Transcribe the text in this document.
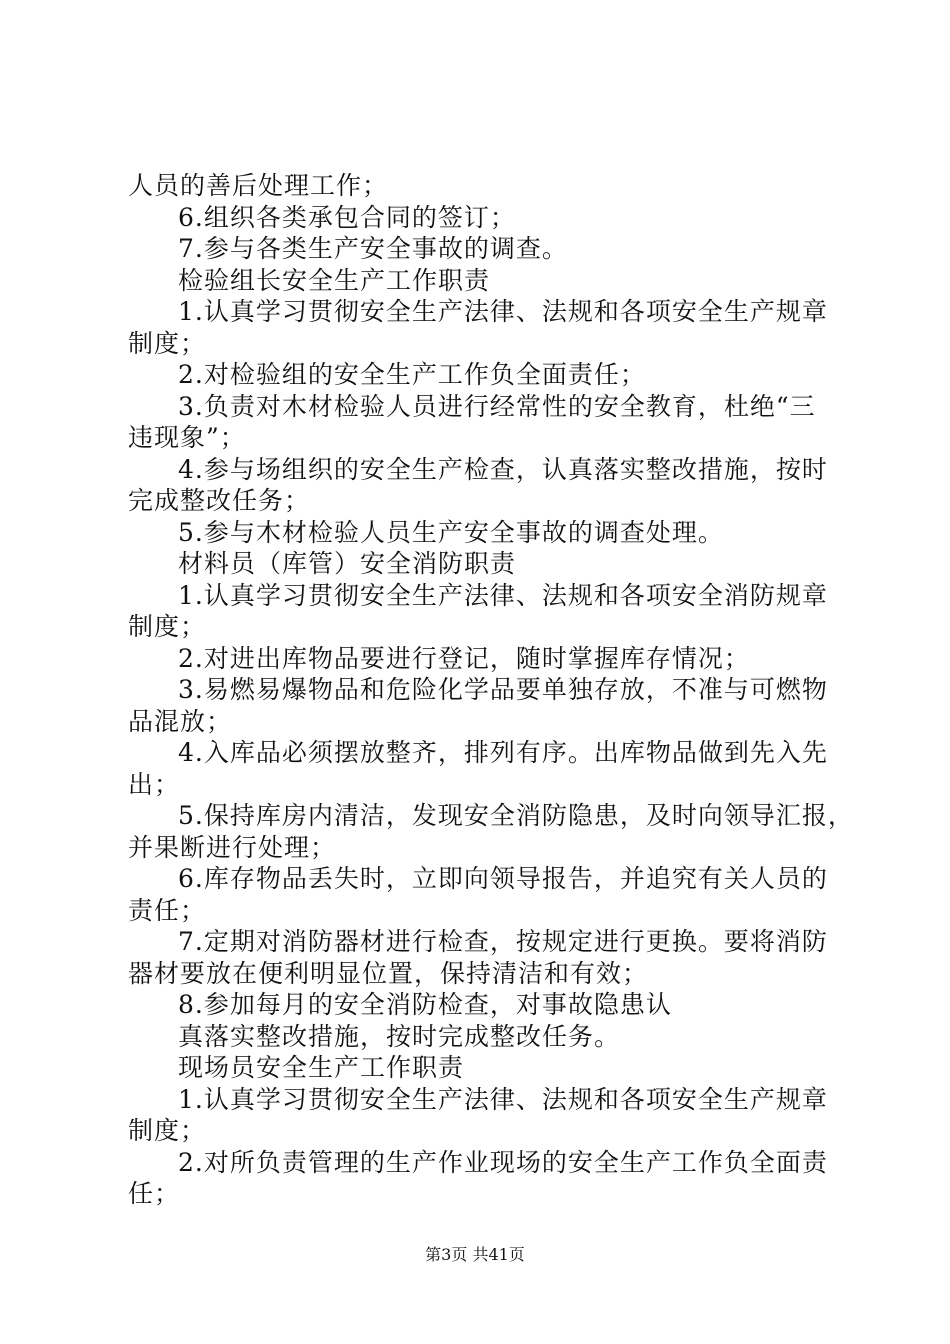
人员的善后处理工作；
6.组织各类承包合同的签订；
7.参与各类生产安全事故的调查。
检验组长安全生产工作职责
1.认真学习贯彻安全生产法律、法规和各项安全生产规章
制度；
2.对检验组的安全生产工作负全面责任；
3.负责对木材检验人员进行经常性的安全教育，杜绝“三
违现象”；
4.参与场组织的安全生产检查，认真落实整改措施，按时
完成整改任务；
5.参与木材检验人员生产安全事故的调查处理。
材料员（库管）安全消防职责
1.认真学习贯彻安全生产法律、法规和各项安全消防规章
制度；
2.对进出库物品要进行登记，随时掌握库存情况；
3.易燃易爆物品和危险化学品要单独存放，不准与可燃物
品混放；
4.入库品必须摆放整齐，排列有序。出库物品做到先入先
出；
5.保持库房内清洁，发现安全消防隐患，及时向领导汇报，
并果断进行处理；
6.库存物品丢失时，立即向领导报告，并追究有关人员的
责任；
7.定期对消防器材进行检查，按规定进行更换。要将消防
器材要放在便利明显位置，保持清洁和有效；
8.参加每月的安全消防检查，对事故隐患认
真落实整改措施，按时完成整改任务。
现场员安全生产工作职责
1.认真学习贯彻安全生产法律、法规和各项安全生产规章
制度；
2.对所负责管理的生产作业现场的安全生产工作负全面责
任；
第3页 共41页
